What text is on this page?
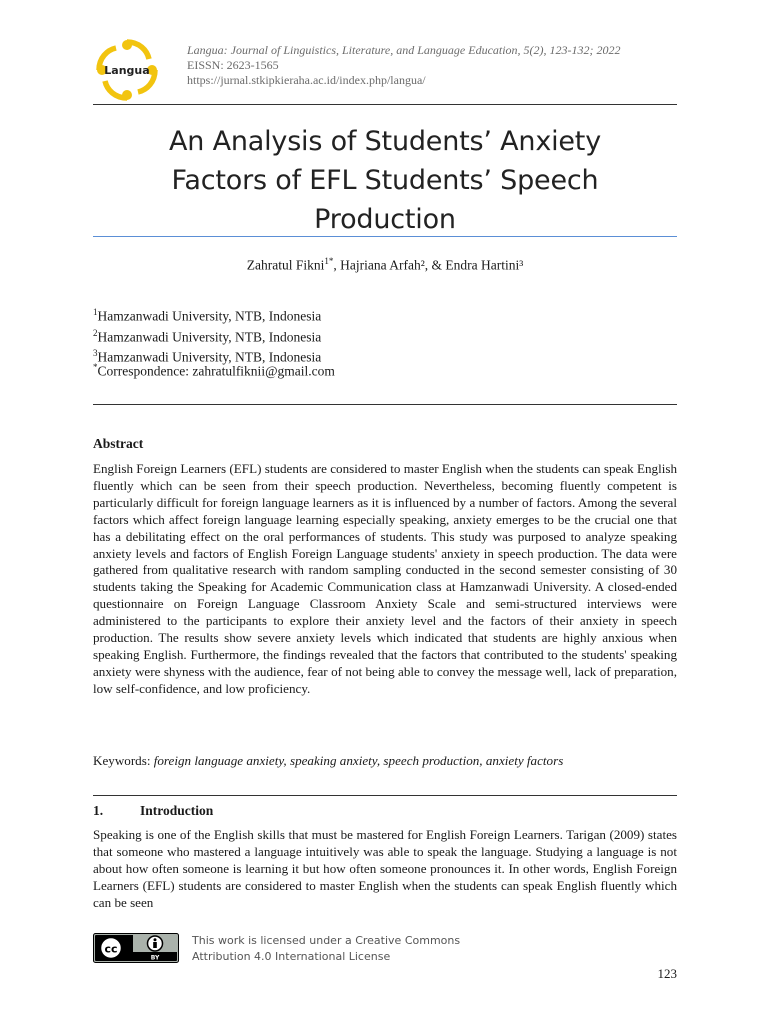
Langua
Langua: Journal of Linguistics, Literature, and Language Education, 5(2), 123-132; 2022
EISSN: 2623-1565
https://jurnal.stkipkieraha.ac.id/index.php/langua/
An Analysis of Students’ Anxiety
Factors of EFL Students’ Speech
Production
Zahratul Fikni$^{1*}$, Hajriana Arfah², & Endra Hartini³
$^1$Hamzanwadi University, NTB, Indonesia
$^2$Hamzanwadi University, NTB, Indonesia
$^3$Hamzanwadi University, NTB, Indonesia
*Correspondence: zahratulfiknii@gmail.com
Abstract
English Foreign Learners (EFL) students are considered to master English when the students can speak English fluently which can be seen from their speech production. Nevertheless, becoming fluently competent is particularly difficult for foreign language learners as it is influenced by a number of factors. Among the several factors which affect foreign language learning especially speaking, anxiety emerges to be the crucial one that has a debilitating effect on the oral performances of students. This study was purposed to analyze speaking anxiety levels and factors of English Foreign Language students' anxiety in speech production. The data were gathered from qualitative research with random sampling conducted in the second semester consisting of 30 students taking the Speaking for Academic Communication class at Hamzanwadi University. A closed-ended questionnaire on Foreign Language Classroom Anxiety Scale and semi-structured interviews were administered to the participants to explore their anxiety level and the factors of their anxiety in speech production. The results show severe anxiety levels which indicated that students are highly anxious when speaking English. Furthermore, the findings revealed that the factors that contributed to the students' speaking anxiety were shyness with the audience, fear of not being able to convey the message well, lack of preparation, low self-confidence, and low proficiency.
Keywords: foreign language anxiety, speaking anxiety, speech production, anxiety factors
1.	Introduction
Speaking is one of the English skills that must be mastered for English Foreign Learners. Tarigan (2009) states that someone who mastered a language intuitively was able to speak the language. Studying a language is not about how often someone is learning it but how often someone pronounces it. In other words, English Foreign Learners (EFL) students are considered to master English when the students can speak English fluently which can be seen
cc
BY
This work is licensed under a Creative Commons
Attribution 4.0 International License
123
